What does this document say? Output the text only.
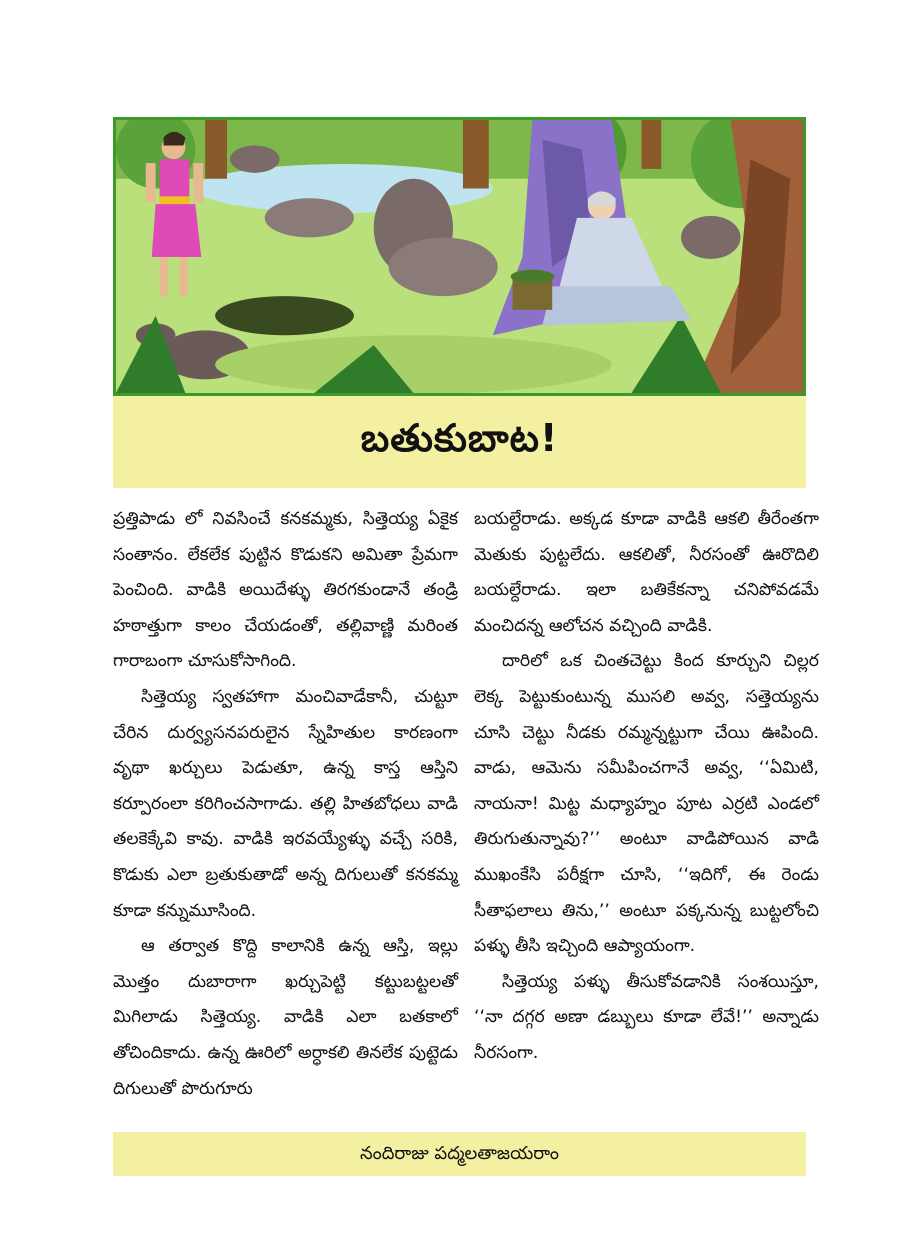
బతుకుబాట!

ప్రత్తిపాడు లో నివసించే కనకమ్మకు, సిత్తెయ్య ఏకైక సంతానం. లేకలేక పుట్టిన కొడుకని అమితా ప్రేమగా పెంచింది. వాడికి అయిదేళ్ళు తిరగకుండానే తండ్రి హఠాత్తుగా కాలం చేయడంతో, తల్లివాణ్ణి మరింత గారాబంగా చూసుకోసాగింది.

సిత్తెయ్య స్వతహాగా మంచివాడేకానీ, చుట్టూ చేరిన దుర్వ్యసనపరులైన స్నేహితుల కారణంగా వృథా ఖర్చులు పెడుతూ, ఉన్న కాస్త ఆస్తిని కర్పూరంలా కరిగించసాగాడు. తల్లి హితబోధలు వాడి తలకెక్కేవి కావు. వాడికి ఇరవయ్యేళ్ళు వచ్చే సరికి, కొడుకు ఎలా బ్రతుకుతాడో అన్న దిగులుతో కనకమ్మ కూడా కన్నుమూసింది.

ఆ తర్వాత కొద్ది కాలానికి ఉన్న ఆస్తి, ఇల్లు మొత్తం దుబారాగా ఖర్చుపెట్టి కట్టుబట్టలతో మిగిలాడు సిత్తెయ్య. వాడికి ఎలా బతకాలో తోచిందికాదు. ఉన్న ఊరిలో అర్ధాకలి తినలేక పుట్టెడు దిగులుతో పొరుగూరు

బయల్దేరాడు. అక్కడ కూడా వాడికి ఆకలి తీరేంతగా మెతుకు పుట్టలేదు. ఆకలితో, నీరసంతో ఊరొదిలి బయల్దేరాడు. ఇలా బతికేకన్నా చనిపోవడమే మంచిదన్న ఆలోచన వచ్చింది వాడికి.

దారిలో ఒక చింతచెట్టు కింద కూర్చుని చిల్లర లెక్క పెట్టుకుంటున్న ముసలి అవ్వ, సత్తెయ్యను చూసి చెట్టు నీడకు రమ్మన్నట్టుగా చేయి ఊపింది. వాడు, ఆమెను సమీపించగానే అవ్వ, ‘‘ఏమిటి, నాయనా! మిట్ట మధ్యాహ్నం పూట ఎర్రటి ఎండలో తిరుగుతున్నావు?’’ అంటూ వాడిపోయిన వాడి ముఖంకేసి పరీక్షగా చూసి, ‘‘ఇదిగో, ఈ రెండు సీతాఫలాలు తిను,’’ అంటూ పక్కనున్న బుట్టలోంచి పళ్ళు తీసి ఇచ్చింది ఆప్యాయంగా.

సిత్తెయ్య పళ్ళు తీసుకోవడానికి సంశయిస్తూ, ‘‘నా దగ్గర అణా డబ్బులు కూడా లేవే!’’ అన్నాడు నీరసంగా.

నందిరాజు పద్మలతాజయరాం
